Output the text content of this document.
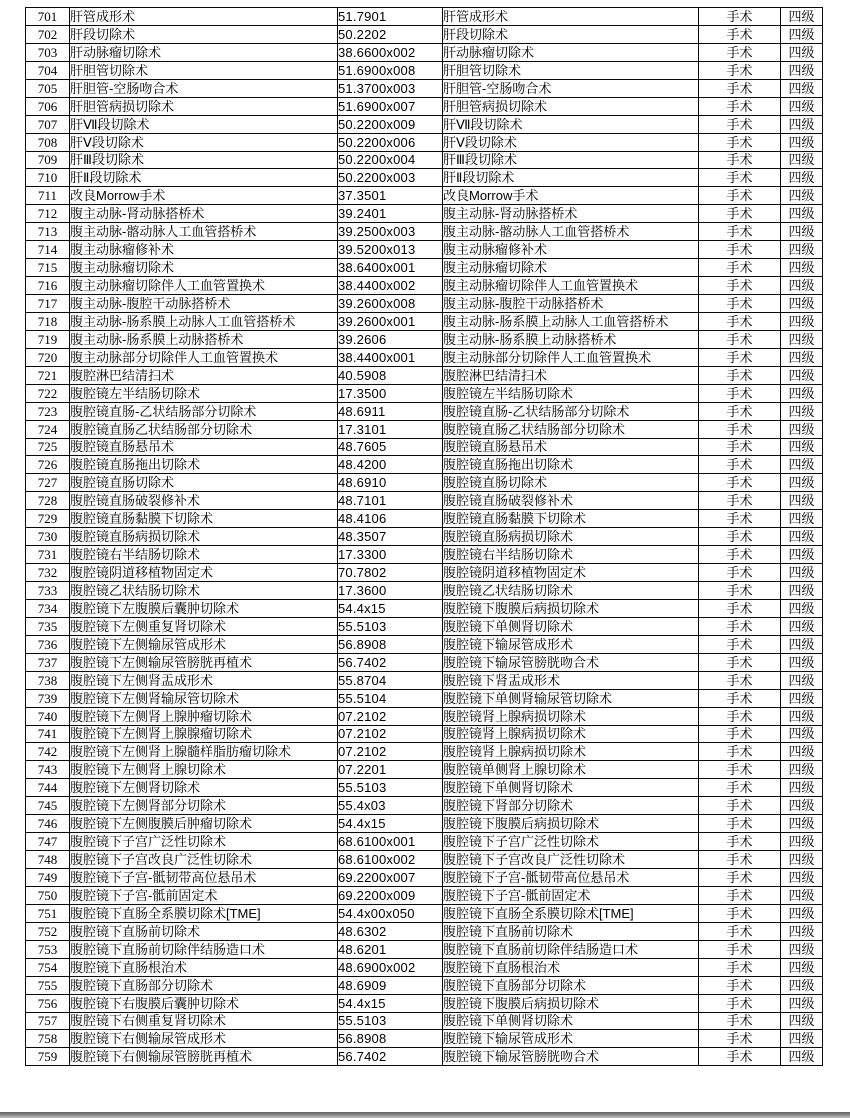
701	肝管成形术	51.7901	肝管成形术	手术	四级
702	肝段切除术	50.2202	肝段切除术	手术	四级
703	肝动脉瘤切除术	38.6600x002	肝动脉瘤切除术	手术	四级
704	肝胆管切除术	51.6900x008	肝胆管切除术	手术	四级
705	肝胆管-空肠吻合术	51.3700x003	肝胆管-空肠吻合术	手术	四级
706	肝胆管病损切除术	51.6900x007	肝胆管病损切除术	手术	四级
707	肝Ⅶ段切除术	50.2200x009	肝Ⅶ段切除术	手术	四级
708	肝Ⅴ段切除术	50.2200x006	肝Ⅴ段切除术	手术	四级
709	肝Ⅲ段切除术	50.2200x004	肝Ⅲ段切除术	手术	四级
710	肝Ⅱ段切除术	50.2200x003	肝Ⅱ段切除术	手术	四级
711	改良Morrow手术	37.3501	改良Morrow手术	手术	四级
712	腹主动脉-肾动脉搭桥术	39.2401	腹主动脉-肾动脉搭桥术	手术	四级
713	腹主动脉-髂动脉人工血管搭桥术	39.2500x003	腹主动脉-髂动脉人工血管搭桥术	手术	四级
714	腹主动脉瘤修补术	39.5200x013	腹主动脉瘤修补术	手术	四级
715	腹主动脉瘤切除术	38.6400x001	腹主动脉瘤切除术	手术	四级
716	腹主动脉瘤切除伴人工血管置换术	38.4400x002	腹主动脉瘤切除伴人工血管置换术	手术	四级
717	腹主动脉-腹腔干动脉搭桥术	39.2600x008	腹主动脉-腹腔干动脉搭桥术	手术	四级
718	腹主动脉-肠系膜上动脉人工血管搭桥术	39.2600x001	腹主动脉-肠系膜上动脉人工血管搭桥术	手术	四级
719	腹主动脉-肠系膜上动脉搭桥术	39.2606	腹主动脉-肠系膜上动脉搭桥术	手术	四级
720	腹主动脉部分切除伴人工血管置换术	38.4400x001	腹主动脉部分切除伴人工血管置换术	手术	四级
721	腹腔淋巴结清扫术	40.5908	腹腔淋巴结清扫术	手术	四级
722	腹腔镜左半结肠切除术	17.3500	腹腔镜左半结肠切除术	手术	四级
723	腹腔镜直肠-乙状结肠部分切除术	48.6911	腹腔镜直肠-乙状结肠部分切除术	手术	四级
724	腹腔镜直肠乙状结肠部分切除术	17.3101	腹腔镜直肠乙状结肠部分切除术	手术	四级
725	腹腔镜直肠悬吊术	48.7605	腹腔镜直肠悬吊术	手术	四级
726	腹腔镜直肠拖出切除术	48.4200	腹腔镜直肠拖出切除术	手术	四级
727	腹腔镜直肠切除术	48.6910	腹腔镜直肠切除术	手术	四级
728	腹腔镜直肠破裂修补术	48.7101	腹腔镜直肠破裂修补术	手术	四级
729	腹腔镜直肠黏膜下切除术	48.4106	腹腔镜直肠黏膜下切除术	手术	四级
730	腹腔镜直肠病损切除术	48.3507	腹腔镜直肠病损切除术	手术	四级
731	腹腔镜右半结肠切除术	17.3300	腹腔镜右半结肠切除术	手术	四级
732	腹腔镜阴道移植物固定术	70.7802	腹腔镜阴道移植物固定术	手术	四级
733	腹腔镜乙状结肠切除术	17.3600	腹腔镜乙状结肠切除术	手术	四级
734	腹腔镜下左腹膜后囊肿切除术	54.4x15	腹腔镜下腹膜后病损切除术	手术	四级
735	腹腔镜下左侧重复肾切除术	55.5103	腹腔镜下单侧肾切除术	手术	四级
736	腹腔镜下左侧输尿管成形术	56.8908	腹腔镜下输尿管成形术	手术	四级
737	腹腔镜下左侧输尿管膀胱再植术	56.7402	腹腔镜下输尿管膀胱吻合术	手术	四级
738	腹腔镜下左侧肾盂成形术	55.8704	腹腔镜下肾盂成形术	手术	四级
739	腹腔镜下左侧肾输尿管切除术	55.5104	腹腔镜下单侧肾输尿管切除术	手术	四级
740	腹腔镜下左侧肾上腺肿瘤切除术	07.2102	腹腔镜肾上腺病损切除术	手术	四级
741	腹腔镜下左侧肾上腺腺瘤切除术	07.2102	腹腔镜肾上腺病损切除术	手术	四级
742	腹腔镜下左侧肾上腺髓样脂肪瘤切除术	07.2102	腹腔镜肾上腺病损切除术	手术	四级
743	腹腔镜下左侧肾上腺切除术	07.2201	腹腔镜单侧肾上腺切除术	手术	四级
744	腹腔镜下左侧肾切除术	55.5103	腹腔镜下单侧肾切除术	手术	四级
745	腹腔镜下左侧肾部分切除术	55.4x03	腹腔镜下肾部分切除术	手术	四级
746	腹腔镜下左侧腹膜后肿瘤切除术	54.4x15	腹腔镜下腹膜后病损切除术	手术	四级
747	腹腔镜下子宫广泛性切除术	68.6100x001	腹腔镜下子宫广泛性切除术	手术	四级
748	腹腔镜下子宫改良广泛性切除术	68.6100x002	腹腔镜下子宫改良广泛性切除术	手术	四级
749	腹腔镜下子宫-骶韧带高位悬吊术	69.2200x007	腹腔镜下子宫-骶韧带高位悬吊术	手术	四级
750	腹腔镜下子宫-骶前固定术	69.2200x009	腹腔镜下子宫-骶前固定术	手术	四级
751	腹腔镜下直肠全系膜切除术[TME]	54.4x00x050	腹腔镜下直肠全系膜切除术[TME]	手术	四级
752	腹腔镜下直肠前切除术	48.6302	腹腔镜下直肠前切除术	手术	四级
753	腹腔镜下直肠前切除伴结肠造口术	48.6201	腹腔镜下直肠前切除伴结肠造口术	手术	四级
754	腹腔镜下直肠根治术	48.6900x002	腹腔镜下直肠根治术	手术	四级
755	腹腔镜下直肠部分切除术	48.6909	腹腔镜下直肠部分切除术	手术	四级
756	腹腔镜下右腹膜后囊肿切除术	54.4x15	腹腔镜下腹膜后病损切除术	手术	四级
757	腹腔镜下右侧重复肾切除术	55.5103	腹腔镜下单侧肾切除术	手术	四级
758	腹腔镜下右侧输尿管成形术	56.8908	腹腔镜下输尿管成形术	手术	四级
759	腹腔镜下右侧输尿管膀胱再植术	56.7402	腹腔镜下输尿管膀胱吻合术	手术	四级
